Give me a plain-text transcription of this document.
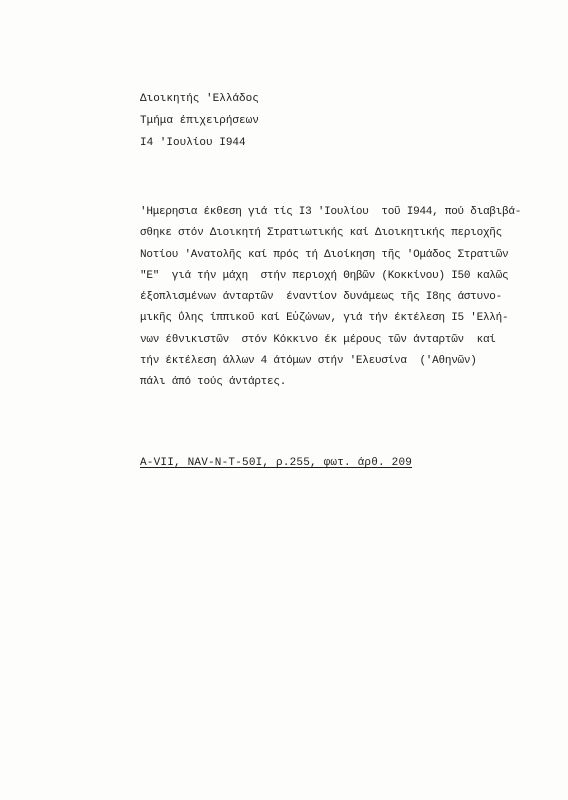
Διοικητής 'Ελλάδος
Τμήμα έπιχειρήσεων
Ι4 'Ιουλίου Ι944
'Ημερησια έκθεση γιά τίς Ι3 'Ιουλίου  τοῦ Ι944, πού διαβιβά-
σθηκε στόν Διοικητή Στρατιωτικής καί Διοικητικής περιοχῆς
Νοτίου 'Ανατολῆς καί πρός τή Διοίκηση τῆς 'Ομάδος Στρατιῶν
"Ε"  γιά τήν μάχη  στήν περιοχή Θηβῶν (Κοκκίνου) Ι50 καλῶς
έξοπλισμένων άνταρτῶν  έναντίον δυνάμεως τῆς Ι8ης άστυνο-
μικῆς ΰλης ίππικοῦ καί Εὐζώνων, γιά τήν έκτέλεση Ι5 'Ελλή-
νων έθνικιστῶν  στόν Κόκκινο έκ μέρους τῶν άνταρτῶν  καί
τήν έκτέλεση άλλων 4 άτόμων στήν 'Ελευσίνα  ('Αθηνῶν)
πάλι άπό τούς άντάρτες.
Α-VΙΙ, ΝΑV-Ν-Τ-50Ι, ρ.255, φωτ. άρθ. 209
